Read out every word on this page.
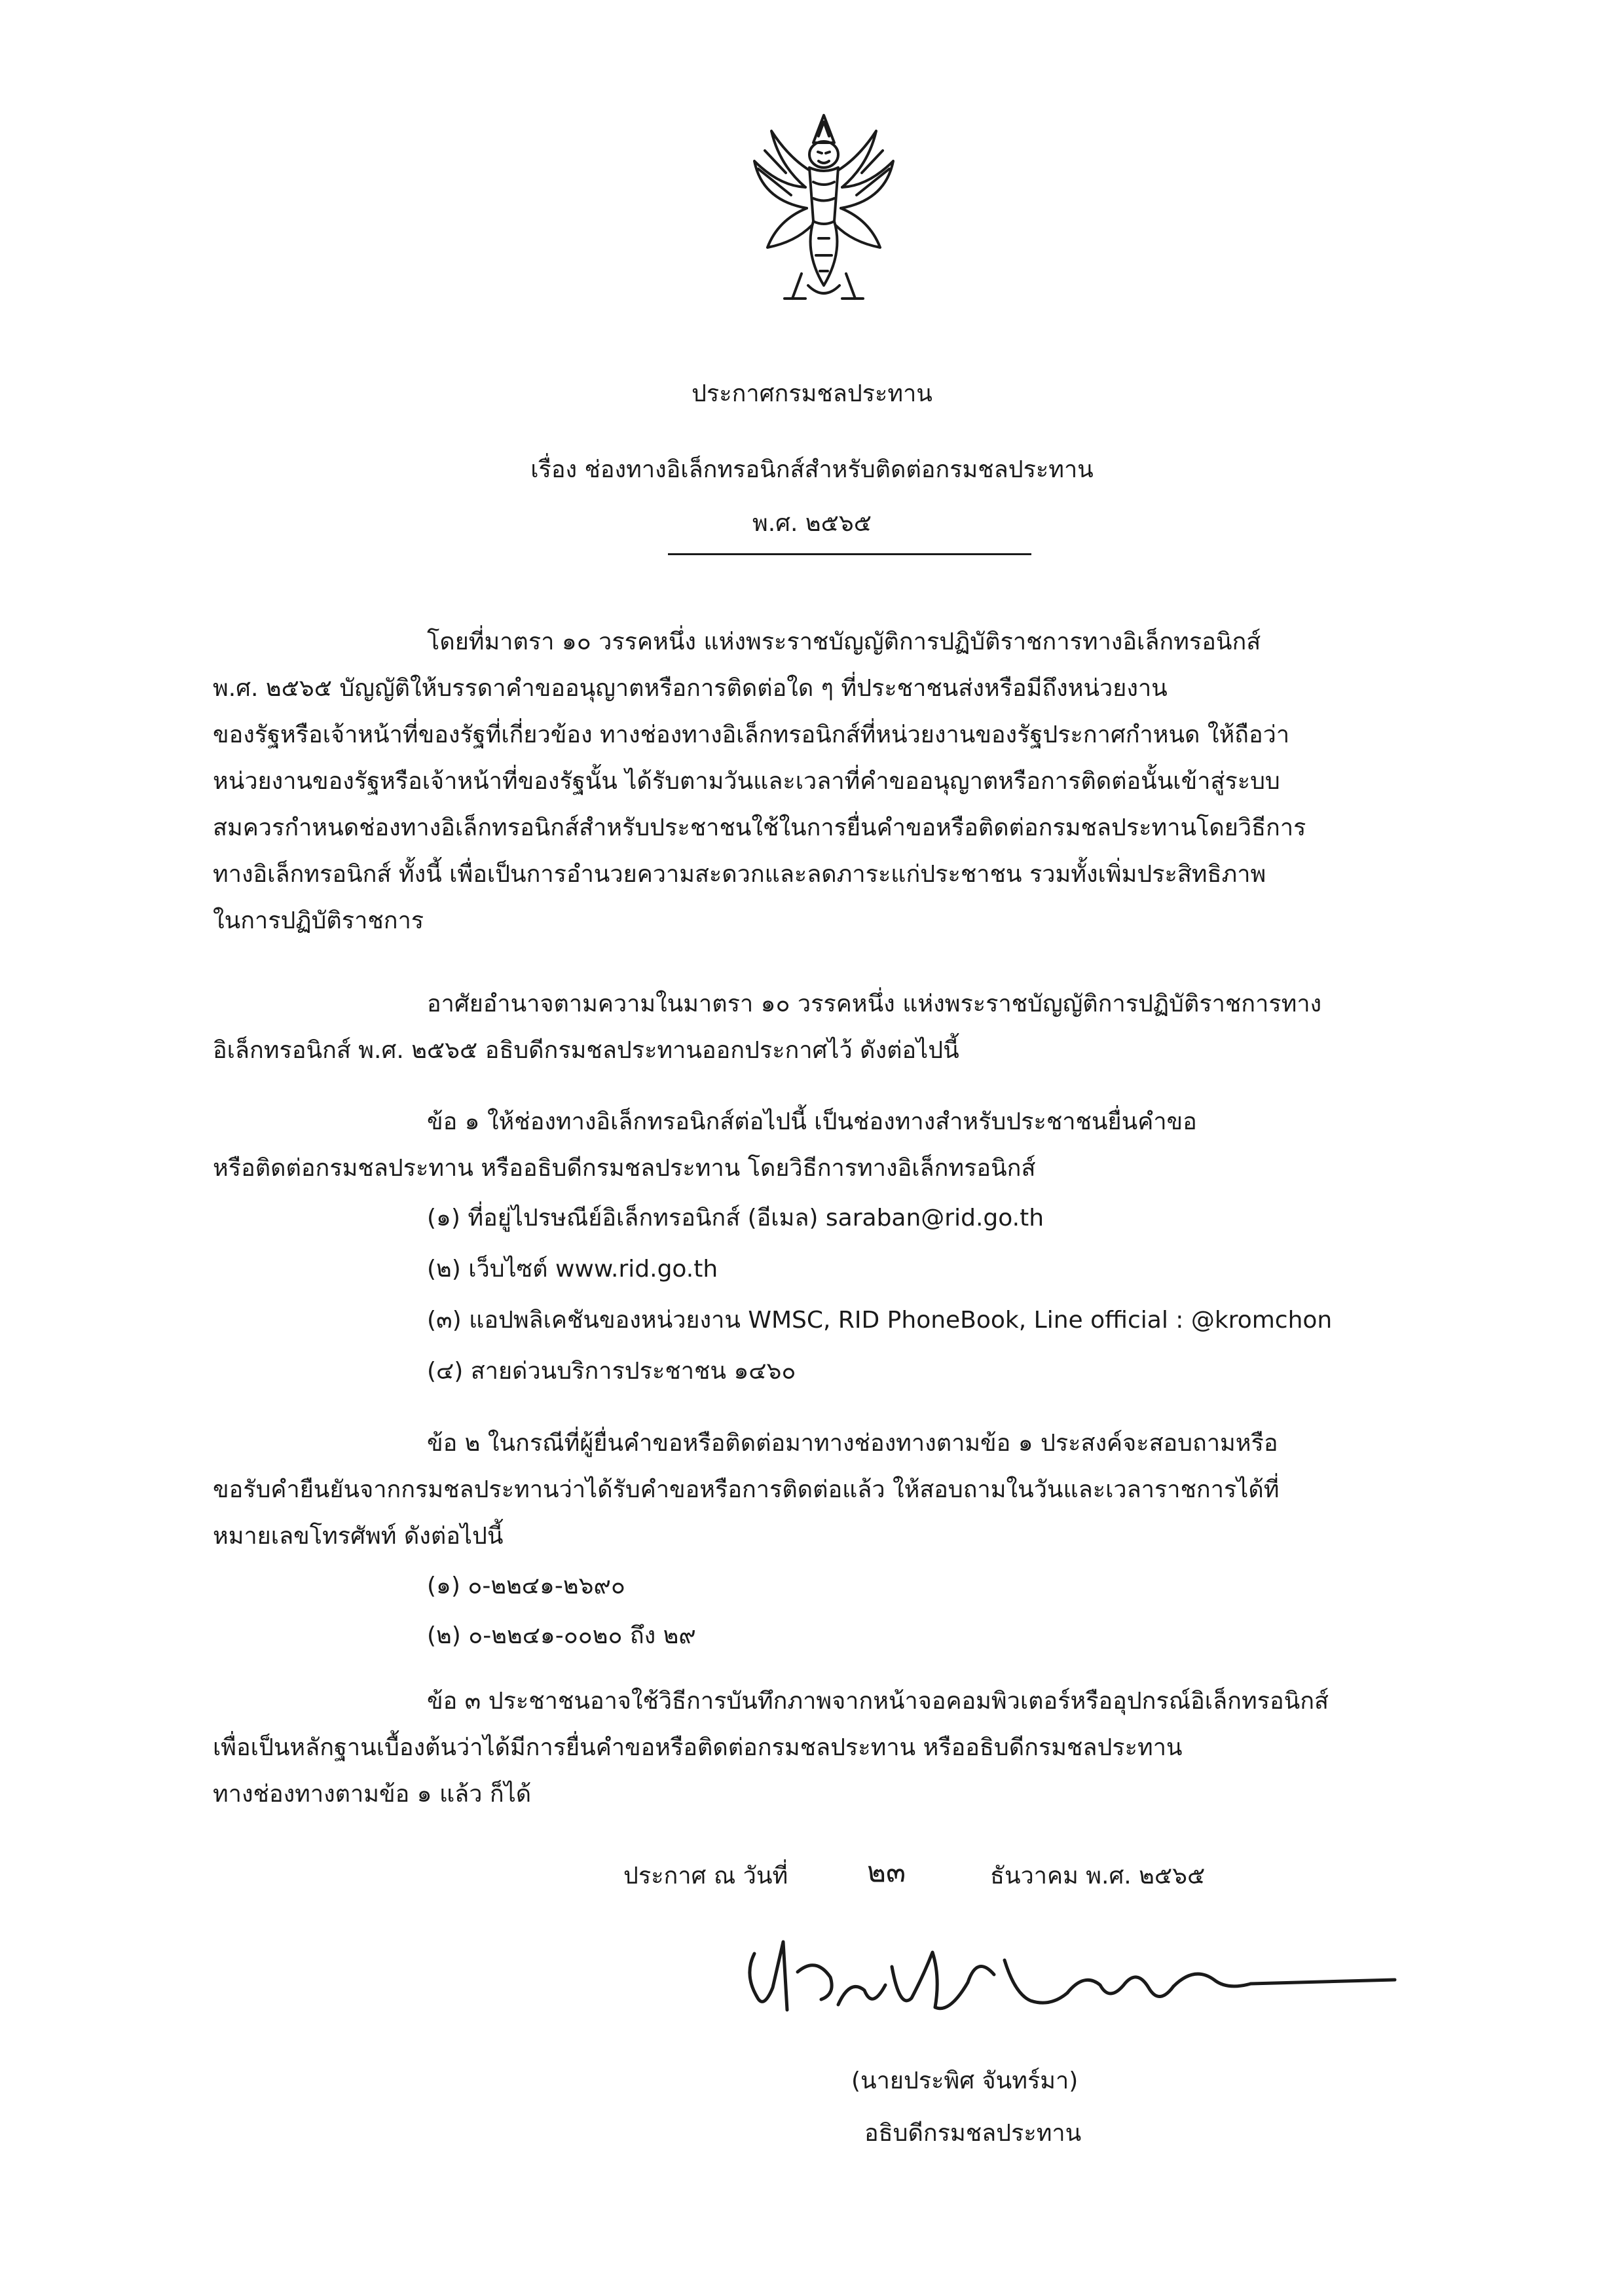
ประกาศกรมชลประทาน
เรื่อง ช่องทางอิเล็กทรอนิกส์สำหรับติดต่อกรมชลประทาน
พ.ศ. ๒๕๖๕
โดยที่มาตรา ๑๐ วรรคหนึ่ง แห่งพระราชบัญญัติการปฏิบัติราชการทางอิเล็กทรอนิกส์
พ.ศ. ๒๕๖๕ บัญญัติให้บรรดาคำขออนุญาตหรือการติดต่อใด ๆ ที่ประชาชนส่งหรือมีถึงหน่วยงาน
ของรัฐหรือเจ้าหน้าที่ของรัฐที่เกี่ยวข้อง ทางช่องทางอิเล็กทรอนิกส์ที่หน่วยงานของรัฐประกาศกำหนด ให้ถือว่า
หน่วยงานของรัฐหรือเจ้าหน้าที่ของรัฐนั้น ได้รับตามวันและเวลาที่คำขออนุญาตหรือการติดต่อนั้นเข้าสู่ระบบ
สมควรกำหนดช่องทางอิเล็กทรอนิกส์สำหรับประชาชนใช้ในการยื่นคำขอหรือติดต่อกรมชลประทานโดยวิธีการ
ทางอิเล็กทรอนิกส์ ทั้งนี้ เพื่อเป็นการอำนวยความสะดวกและลดภาระแก่ประชาชน รวมทั้งเพิ่มประสิทธิภาพ
ในการปฏิบัติราชการ
อาศัยอำนาจตามความในมาตรา ๑๐ วรรคหนึ่ง แห่งพระราชบัญญัติการปฏิบัติราชการทาง
อิเล็กทรอนิกส์ พ.ศ. ๒๕๖๕ อธิบดีกรมชลประทานออกประกาศไว้ ดังต่อไปนี้
ข้อ ๑ ให้ช่องทางอิเล็กทรอนิกส์ต่อไปนี้ เป็นช่องทางสำหรับประชาชนยื่นคำขอ
หรือติดต่อกรมชลประทาน หรืออธิบดีกรมชลประทาน โดยวิธีการทางอิเล็กทรอนิกส์
(๑) ที่อยู่ไปรษณีย์อิเล็กทรอนิกส์ (อีเมล) saraban@rid.go.th
(๒) เว็บไซต์ www.rid.go.th
(๓) แอปพลิเคชันของหน่วยงาน WMSC, RID PhoneBook, Line official : @kromchon
(๔) สายด่วนบริการประชาชน ๑๔๖๐
ข้อ ๒ ในกรณีที่ผู้ยื่นคำขอหรือติดต่อมาทางช่องทางตามข้อ ๑ ประสงค์จะสอบถามหรือ
ขอรับคำยืนยันจากกรมชลประทานว่าได้รับคำขอหรือการติดต่อแล้ว ให้สอบถามในวันและเวลาราชการได้ที่
หมายเลขโทรศัพท์ ดังต่อไปนี้
(๑) ๐-๒๒๔๑-๒๖๙๐
(๒) ๐-๒๒๔๑-๐๐๒๐ ถึง ๒๙
ข้อ ๓ ประชาชนอาจใช้วิธีการบันทึกภาพจากหน้าจอคอมพิวเตอร์หรืออุปกรณ์อิเล็กทรอนิกส์
เพื่อเป็นหลักฐานเบื้องต้นว่าได้มีการยื่นคำขอหรือติดต่อกรมชลประทาน หรืออธิบดีกรมชลประทาน
ทางช่องทางตามข้อ ๑ แล้ว ก็ได้
ประกาศ ณ วันที่	๒๓	ธันวาคม พ.ศ. ๒๕๖๕
(นายประพิศ จันทร์มา)
อธิบดีกรมชลประทาน
